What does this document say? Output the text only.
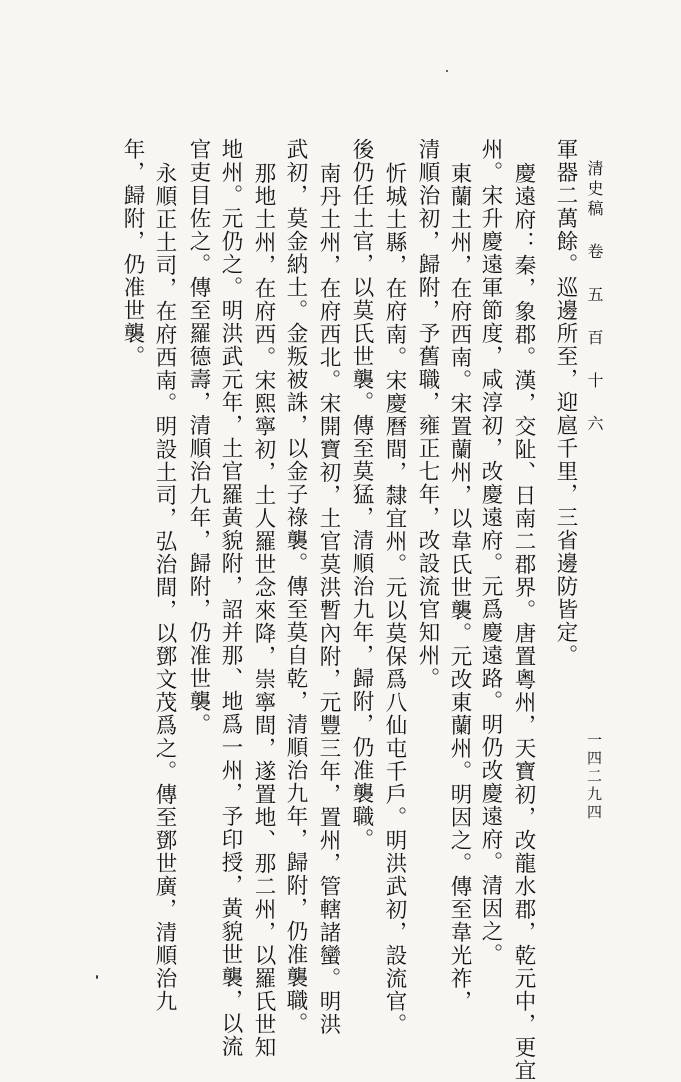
清史稿 卷 五 百 十 六
軍器二萬餘。巡邊所至，迎扈千里，三省邊防皆定。
慶遠府：秦，象郡。漢，交阯、日南二郡界。唐置粵州，天寶初，改龍水郡，乾元中，更宜
州。宋升慶遠軍節度，咸淳初，改慶遠府。元爲慶遠路。明仍改慶遠府。清因之。
東蘭土州，在府西南。宋置蘭州，以韋氏世襲。元改東蘭州。明因之。傳至韋光祚，
清順治初，歸附，予舊職，雍正七年，改設流官知州。
忻城土縣，在府南。宋慶曆間，隸宜州。元以莫保爲八仙屯千戶。明洪武初，設流官。
後仍任土官，以莫氏世襲。傳至莫猛，清順治九年，歸附，仍准襲職。
南丹土州，在府西北。宋開寶初，土官莫洪暫內附，元豐三年，置州，管轄諸蠻。明洪
武初，莫金納土。金叛被誅，以金子祿襲。傳至莫自乾，清順治九年，歸附，仍准襲職。
那地土州，在府西。宋熙寧初，土人羅世念來降，崇寧間，遂置地、那二州，以羅氏世知
地州。元仍之。明洪武元年，土官羅黃貌附，詔并那、地爲一州，予印授，黃貌世襲，以流
官吏目佐之。傳至羅德壽，清順治九年，歸附，仍准世襲。
永順正土司，在府西南。明設土司，弘治間，以鄧文茂爲之。傳至鄧世廣，清順治九
年，歸附，仍准世襲。
一四二九四
